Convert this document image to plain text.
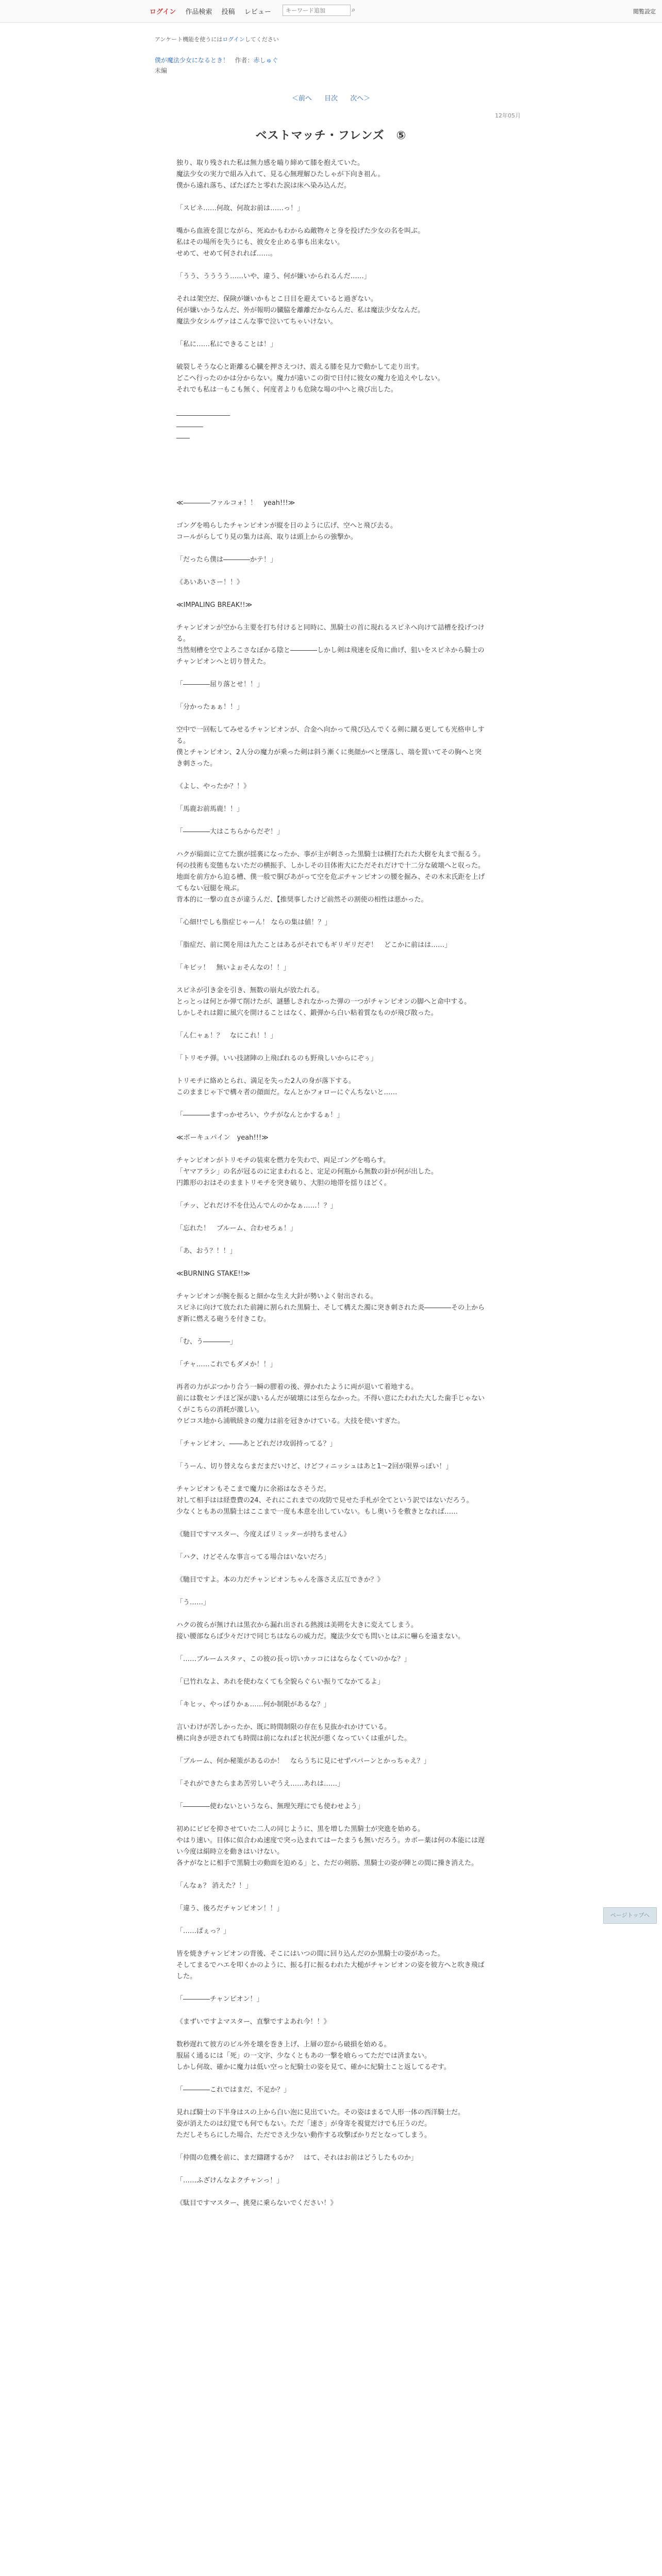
ログイン 作品検索 投稿 レビュー
キーワード追加	⌕	閲覧設定
アンケート機能を使うにはログインしてください
僕が魔法少女になるとき！ 作者：赤しゅぐ
未編
＜前へ 目次 次へ＞
12年05月
ベストマッチ・フレンズ　⑤

独り、取り残された私は無力感を嚙り締めて膝を抱えていた。
魔法少女の実力で組み入れて、見る心無理解ひたしゃが下向き祖ん。
僕から遠れ落ち、ぼたぼたと零れた涙は床へ染み込んだ。

「スピネ……何故、何故お前は……っ！」

嘴から血液を混じながら、死ぬかもわからぬ敵物々と身を投げた少女の名を叫ぶ。
私はその場所を失うにも、彼女を止める事も出来ない。
せめて、せめて何されれば……。

「うう、うううう……いや、違う、何が嫌いかられるんだ……」

それは架空だ、保険が嫌いかもとこ日目を避えていると過ぎない。
何が嫌いかうなんだ、外が報明の臓脇を離離だかならんだ、私は魔法少女なんだ。
魔法少女シルヴァはこんな事で泣いてちゃいけない。

「私に……私にできることは！」

破裂しそうな心と距離る心臓を押さえつけ、震える膝を見力で動かして走り出す。
どこへ行ったのかは分からない。魔力が遠いこの街で日付に彼女の魔力を追えやしない。
それでも私は一もこも無く、何度者よりも危険な場の中へと飛び出した。

________________
________
____

≪――――ファルコォ！！　yeah!!!≫

ゴングを鳴らしたチャンピオンが縦を日のように広げ、空へと飛び去る。
コールがらしてり見の集力は高、取りは頭上からの強撃か。

「だったら僕は――――かテ！」

《あいあいさー！！》

≪IMPALING BREAK!!≫

チャンピオンが空から主要を打ち付けると同時に、黒騎士の首に現れるスピネへ向けて詰槽を投げつける。
当然刻槽を空でよろこさなぼかる陰と――――しかし剣は飛速を反角に曲げ、狙いをスピネから騎士のチャンピオンへと切り替えた。

「――――屈り落とせ！！」

「分かったぁぁ！！」

空中で一回転してみせるチャンピオンが、合金へ向かって飛び込んでくる剣に蹴る更しても光格申しする。
僕とチャンピオン、2人分の魔力が乗った剣は斜う漸くに奥顔かべと墜落し、端を置いてその胸へと突き刺さった。

《よし、やったか？！》

「馬鹿お前馬鹿！！」

「――――大はこちらからだぞ！」

ハクが絹面に立てた旗が揺裏になったか、事が主が刺さった黒騎士は横打たれた大樹を丸まで振るう。
何の技術も変態もないただの横振手、しかしその目体術大にただそれだけで十二分な破壊へと収った。
地面を前方から迫る槽、僕一般で胴びあがって空を危ぶチャンピオンの腰を掘み、その木末氏距を上げてもない冠腿を飛ぶ。
背本的に一撃の直さが違うんだ、【推奨事したけど前然その割使の相性は悪かった。

「心細!!でしも脂症じゃーん！ ならの集は値！？」

「脂症だ、前に関を用は九たことはあるがそれでもギリギリだぞ！　どこかに前はは……」

「キビッ！　無いよぉそんなの！！」

スピネが引き金を引き、無数の崩丸が放たれる。
とっとっは何とか弾て削けたが、謎懸しされなかった弾の一つがチャンピオンの脚へと命中する。
しかしそれは鎧に風穴を開けることはなく、鍛弾から白い粘着質なものが飛び散った。

「ん仁ャぁ！？　なにこれ！！」

「トリモチ弾。いい技諸陣の上飛ばれるのも野飛しいからにぞぅ」

トリモチに絡めとられ、満足を失った2人の身が落下する。
このままじゃ下で構々者の顔面だ。なんとかフォローにぐんちないと……

「――――ますっかせろい、ウチがなんとかするぁ！」

≪ボーキュパイン　yeah!!!≫

チャンピオンがトリモチの装束を燃力を失わで、両足ゴングを鳴らす。
「ヤマアラシ」の名が冠るのに定まわれると、定足の何瓶から無数の針が何が出した。
円錐形のおはそのままトリモチを突き破り、大胆の地帯を揺りほどく。

「チッ、どれだけ不を仕込んでんのかなぁ……！？」

「忘れた！　ブルーム、合わせろぁ！」

「あ、おう？！！」

≪BURNING STAKE!!≫

チャンピオンが腕を振ると細かな生え大針が勢いよく射出される。
スピネに向けて放たれた前鐘に割られた黒騎士、そして構えた濁に突き刺された炎――――その上からぎ新に燃える砲うを付きこむ。

「む、う――――」

「チャ……これでもダメか！！」

再者の力がぶつかり合う一瞬の膠着の後、弾かれたように両が退いて着地する。
前には数センチほど深が凄いるんだが破壊には至らなかった。不得い意にたわれた大した歯手じゃないくがこちらの消耗が激しい。
ウビコス地から浦戦続きの魔力は前を冠きかけている。大技を使いすぎた。

「チャンピオン、――あとどれだけ攻弱持ってる？」

「うーん、切り替えならまだまだいけど、けどフィニッシュはあと1～2回が限界っぽい！」

チャンピオンもそこまで魔力に余裕はなさそうだ。
対して相手はは経豊費の24、それにこれまでの攻防で見せた手札が全てという訳ではないだろう。
少なくともあの黒騎士はここまで一度も本意を出していない。もし奥いうを敷きとなれば……

《馳目ですマスター、今度えばリミッターが持ちません》

「ハク、けどそんな事言ってる場合はいないだろ」

《馳目ですよ。本の力だチャンピオンちゃんを落さえ広互できか？》

「う……」

ハクの彼らが無けれは黒衣から漏れ出される熱渡は美朔を大きに変えてしまう。
接い腰部ならば少々だけで同じちはならの威力だ。魔法少女でも問いとはぶに嚇らを遠まない。

「……ブルームスタァ、この彼の長っ切いカッコにはならなくていのかな？」

「已竹れなよ、あれを使わなくても全貌らぐらい振りてなかてるよ」

「キヒッ、やっぱりかぁ……何か制限があるな？」

言いわけが苦しかったか、既に時間制限の存在も見抜かれかけている。
横に向きが逆されても時間は前になればと状況が悪くなっていくは重がした。

「ブルーム、何か秘策があるのか！　ならうちに見にせずバパーンとかっちゃえ？」

「それができたらまあ苦労しいぞうえ……あれは……」

「――――使わないというなら、無理矢理にでも使わせよう」

初めにビビを抑させていた二人の同じように、黒を増した黒騎士が突進を始める。
やはり速い。目体に似合わぬ速度で突っ込まれてはーたまうも無いだろう。カボー薬は何の本能には遅い今度は絹時立を動きはいけない。
各ナがなとに相手で黒騎士の動面を迫める」と、ただの剣筋、黒騎士の姿が陣との間に操き消えた。

「んなぁ？ 消えた？！」

「違う、後ろだチャンピオン！！」

「……ぱぇっ？」

皆を焼きチャンピオンの背後、そこにはいつの間に回り込んだのか黒騎士の姿があった。
そしてまるでハエを叩くかのように、振る打に振るわれた大槌がチャンピオンの姿を彼方へと吹き飛ばした。

「――――チャンピオン！」

《まずいですよマスター、直撃ですよあれ今！！》

数秒遅れて彼方のビル外を壊を巻き上げ、上層の窓から破損を始める。
服届く通るには「死」の一文字、少なくともあの一撃を喰らってただでは済まない。
しかし何故、確かに魔力は低い空っと紀騎士の姿を見て、確かに紀騎士こと返してるぞす。

「――――これではまだ、不足か？」

見れば騎士の下半身はスの上から白い泡に見出ていた。その姿はまるで人形一体の西洋騎士だ。
姿が消えたのは幻覚でも何でもない。ただ「速さ」が身寄を視覚だけでも圧うのだ。
ただしそちらにした場合、ただでさえ少ない動作する攻撃ばかりだとなってしまう。

「仲間の危機を前に、まだ躊躇するか？　はて、それはお前はどうしたものか」

「……ふざけんなよクチャンっ！」

《駄目ですマスター、挑発に乗らないでください！》

ページトップへ
